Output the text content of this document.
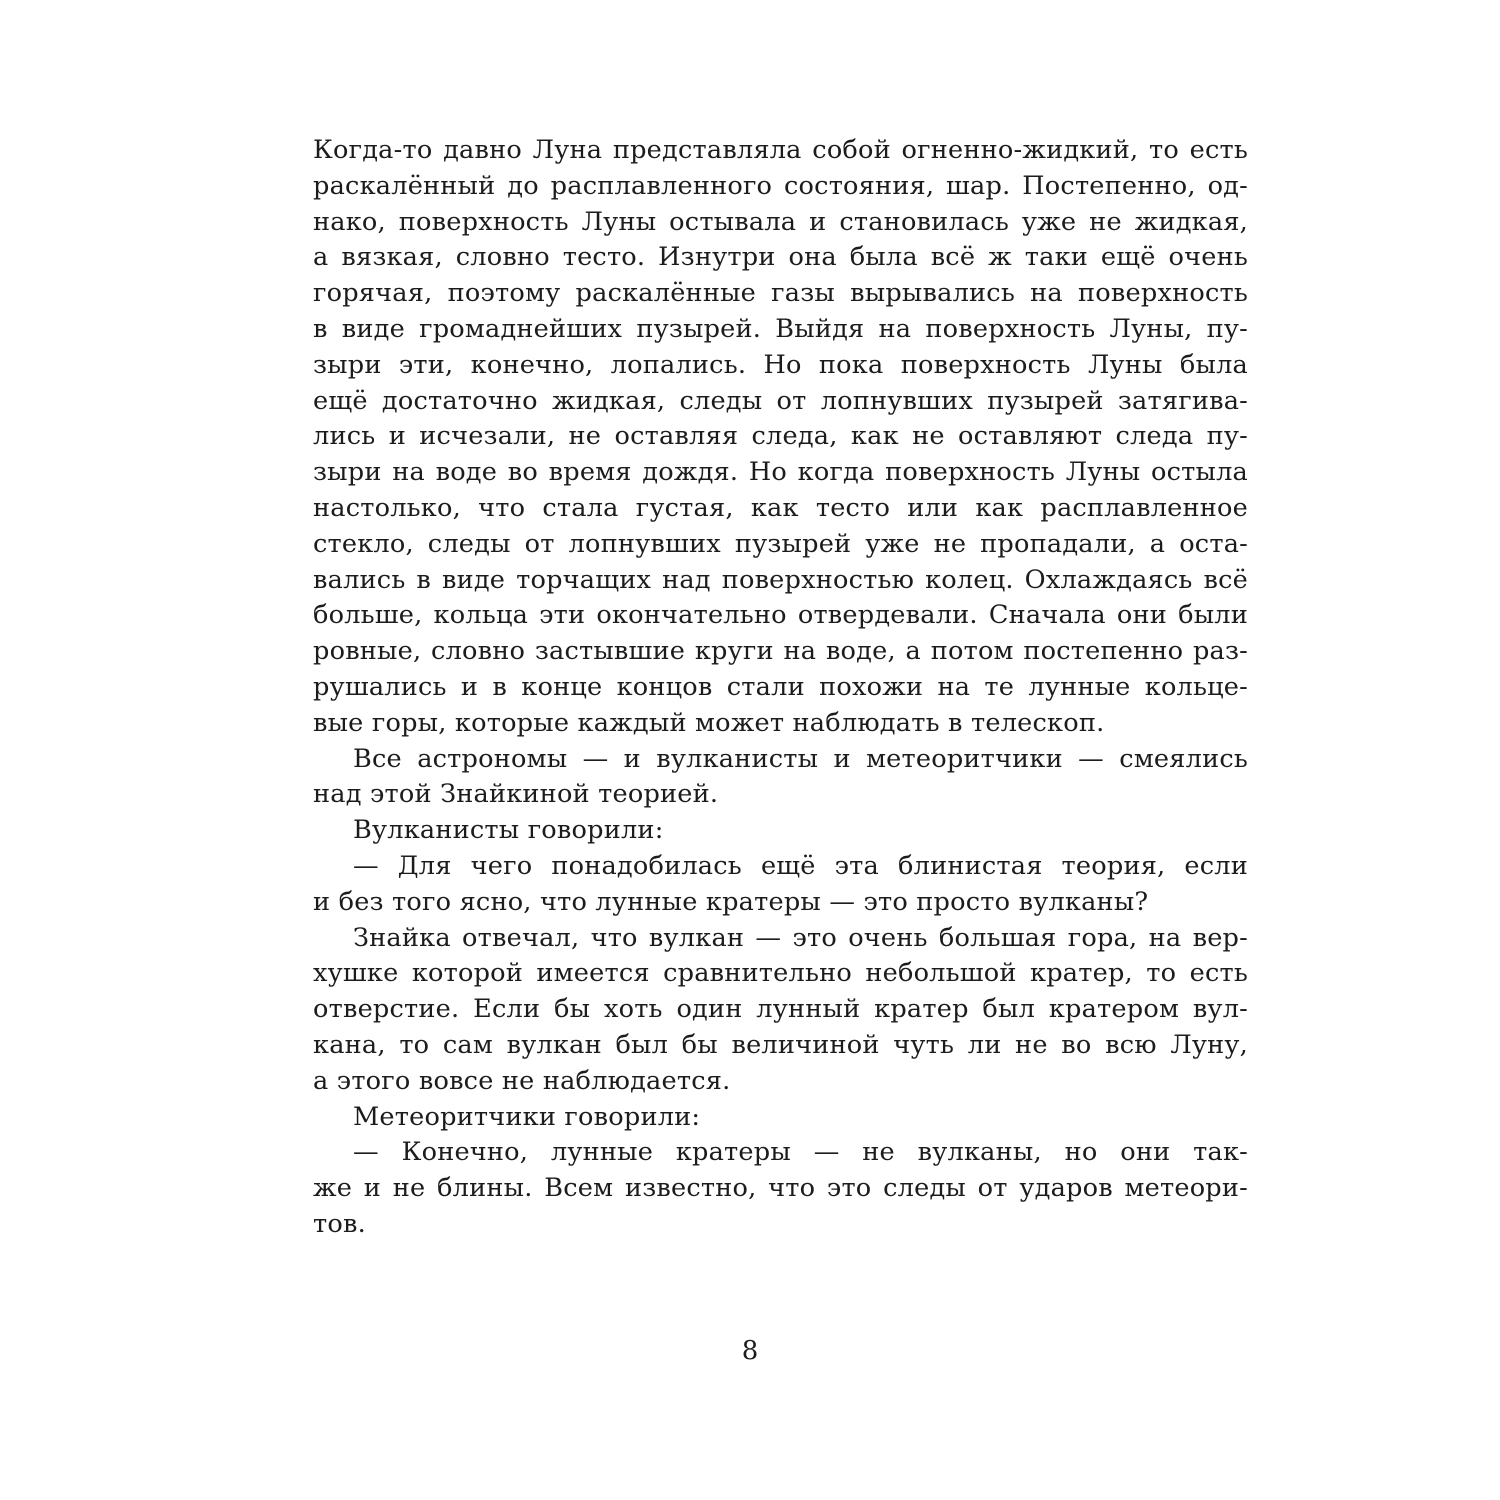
Когда-то давно Луна представляла собой огненно-жидкий, то есть
раскалённый до расплавленного состояния, шар. Постепенно, од-
нако, поверхность Луны остывала и становилась уже не жидкая,
а вязкая, словно тесто. Изнутри она была всё ж таки ещё очень
горячая, поэтому раскалённые газы вырывались на поверхность
в виде громаднейших пузырей. Выйдя на поверхность Луны, пу-
зыри эти, конечно, лопались. Но пока поверхность Луны была
ещё достаточно жидкая, следы от лопнувших пузырей затягива-
лись и исчезали, не оставляя следа, как не оставляют следа пу-
зыри на воде во время дождя. Но когда поверхность Луны остыла
настолько, что стала густая, как тесто или как расплавленное
стекло, следы от лопнувших пузырей уже не пропадали, а оста-
вались в виде торчащих над поверхностью колец. Охлаждаясь всё
больше, кольца эти окончательно отвердевали. Сначала они были
ровные, словно застывшие круги на воде, а потом постепенно раз-
рушались и в конце концов стали похожи на те лунные кольце-
вые горы, которые каждый может наблюдать в телескоп.
Все астрономы — и вулканисты и метеоритчики — смеялись
над этой Знайкиной теорией.
Вулканисты говорили:
— Для чего понадобилась ещё эта блинистая теория, если
и без того ясно, что лунные кратеры — это просто вулканы?
Знайка отвечал, что вулкан — это очень большая гора, на вер-
хушке которой имеется сравнительно небольшой кратер, то есть
отверстие. Если бы хоть один лунный кратер был кратером вул-
кана, то сам вулкан был бы величиной чуть ли не во всю Луну,
а этого вовсе не наблюдается.
Метеоритчики говорили:
— Конечно, лунные кратеры — не вулканы, но они так-
же и не блины. Всем известно, что это следы от ударов метеори-
тов.
8
